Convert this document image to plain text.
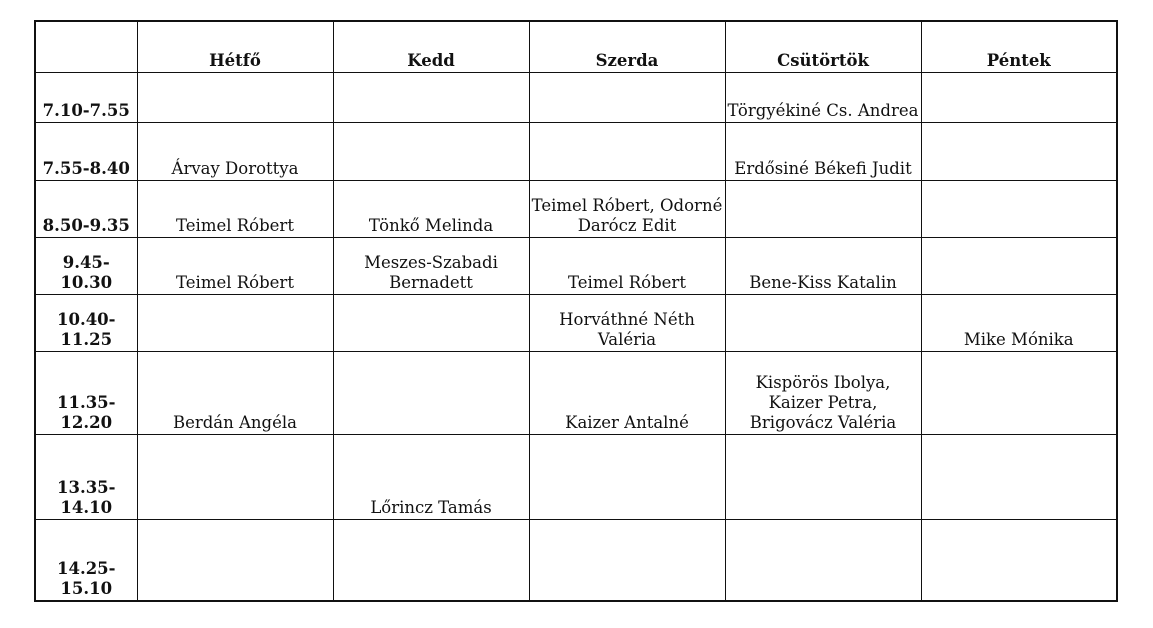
	Hétfő	Kedd	Szerda	Csütörtök	Péntek
7.10-7.55				Törgyékiné Cs. Andrea	
7.55-8.40	Árvay Dorottya			Erdősiné Békefi Judit	
8.50-9.35	Teimel Róbert	Tönkő Melinda	Teimel Róbert, Odorné Darócz Edit		
9.45-10.30	Teimel Róbert	Meszes-Szabadi Bernadett	Teimel Róbert	Bene-Kiss Katalin	
10.40-11.25			Horváthné Néth Valéria		Mike Mónika
11.35-12.20	Berdán Angéla		Kaizer Antalné	Kispörös Ibolya, Kaizer Petra, Brigovácz Valéria	
13.35-14.10		Lőrincz Tamás			
14.25-15.10					
